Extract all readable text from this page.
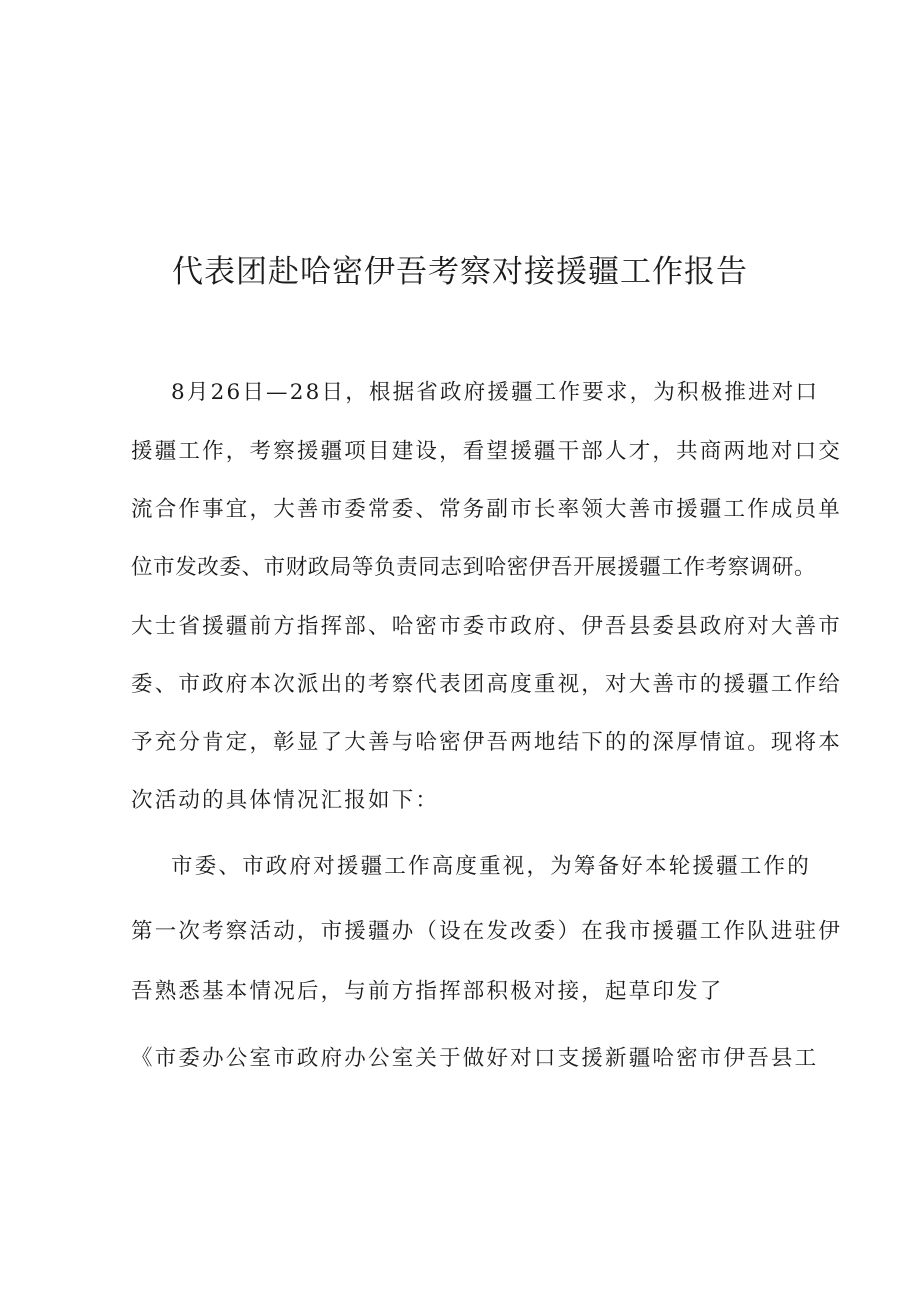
代表团赴哈密伊吾考察对接援疆工作报告

8月26日—28日，根据省政府援疆工作要求，为积极推进对口

援疆工作，考察援疆项目建设，看望援疆干部人才，共商两地对口交

流合作事宜，大善市委常委、常务副市长率领大善市援疆工作成员单

位市发改委、市财政局等负责同志到哈密伊吾开展援疆工作考察调研。

大士省援疆前方指挥部、哈密市委市政府、伊吾县委县政府对大善市

委、市政府本次派出的考察代表团高度重视，对大善市的援疆工作给

予充分肯定，彰显了大善与哈密伊吾两地结下的的深厚情谊。现将本

次活动的具体情况汇报如下：

市委、市政府对援疆工作高度重视，为筹备好本轮援疆工作的

第一次考察活动，市援疆办（设在发改委）在我市援疆工作队进驻伊

吾熟悉基本情况后，与前方指挥部积极对接，起草印发了

《市委办公室市政府办公室关于做好对口支援新疆哈密市伊吾县工
